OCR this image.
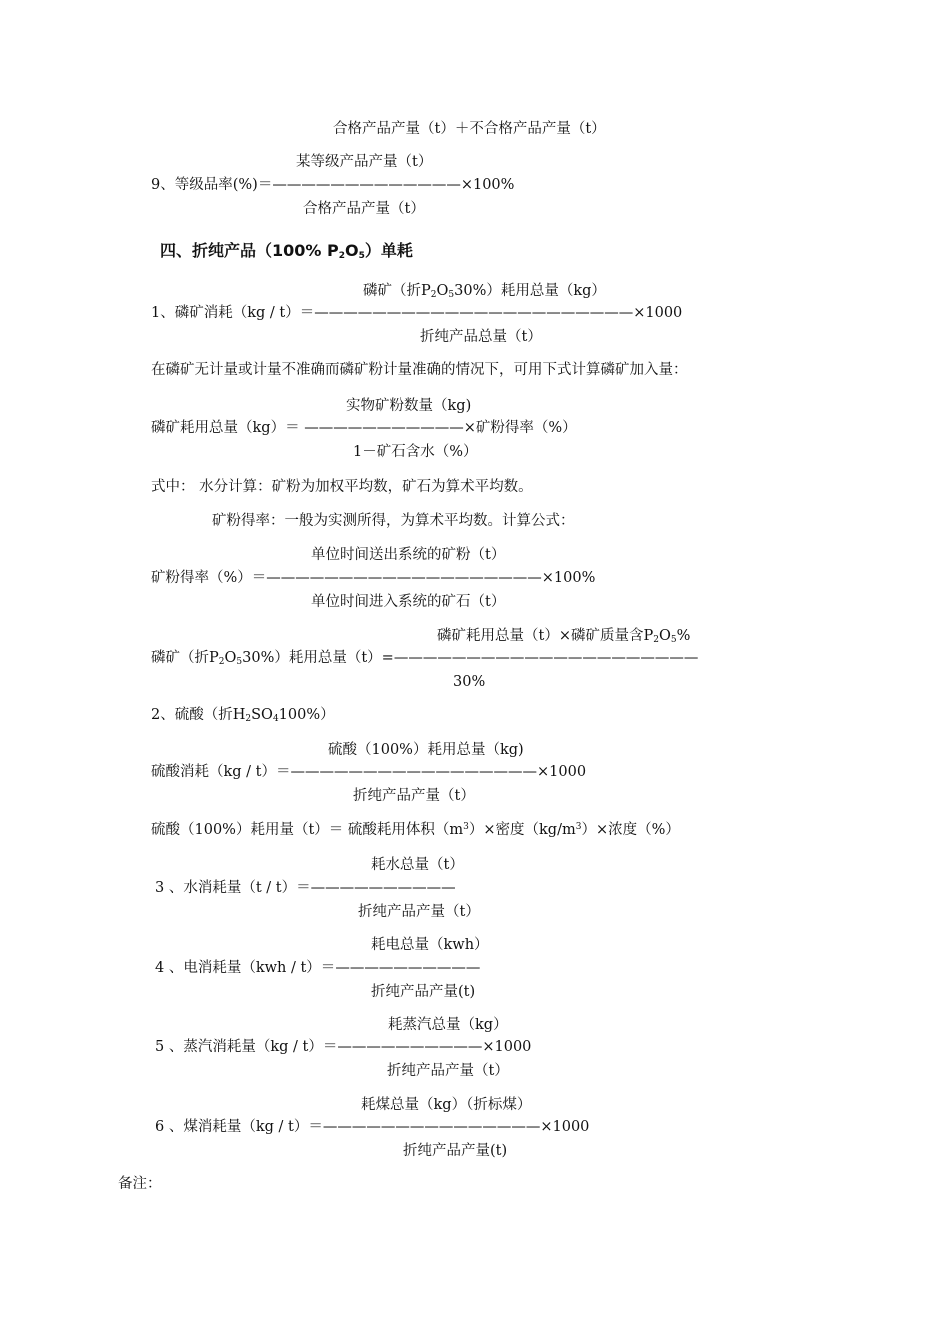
合格产品产量（t）＋不合格产品产量（t）
某等级产品产量（t）
9、等级品率(%)＝—————————————×100%
合格产品产量（t）
四、折纯产品（100% $P_2O_5$）单耗
磷矿（折$P_2O_530\%$）耗用总量（kg）
1、磷矿消耗（kg / t）＝——————————————————————×1000
折纯产品总量（t）
在磷矿无计量或计量不准确而磷矿粉计量准确的情况下，可用下式计算磷矿加入量：
实物矿粉数量（kg)
磷矿耗用总量（kg）＝ ———————————×矿粉得率（%）
1－矿石含水（%）
式中： 水分计算：矿粉为加权平均数，矿石为算术平均数。
矿粉得率：一般为实测所得，为算术平均数。计算公式：
单位时间送出系统的矿粉（t）
矿粉得率（%）＝———————————————————×100%
单位时间进入系统的矿石（t）
磷矿耗用总量（t）×磷矿质量含$P_2O_5\%$
磷矿（折$P_2O_530\%$）耗用总量（t）=—————————————————————
30%
2、硫酸（折$H_2SO_4100\%$）
硫酸（100%）耗用总量（kg)
硫酸消耗（kg / t）＝—————————————————×1000
折纯产品产量（t）
硫酸（100%）耗用量（t）＝ 硫酸耗用体积$(m^3)\times$密度$(kg/m^3)\times$浓度（%）
耗水总量（t）
3 、水消耗量（t / t）＝——————————
折纯产品产量（t）
耗电总量（kwh）
4 、电消耗量（kwh / t）＝——————————
折纯产品产量(t)
耗蒸汽总量（kg）
5 、蒸汽消耗量（kg / t）＝——————————×1000
折纯产品产量（t）
耗煤总量（kg）（折标煤）
6 、煤消耗量（kg / t）＝———————————————×1000
折纯产品产量(t)
备注：
